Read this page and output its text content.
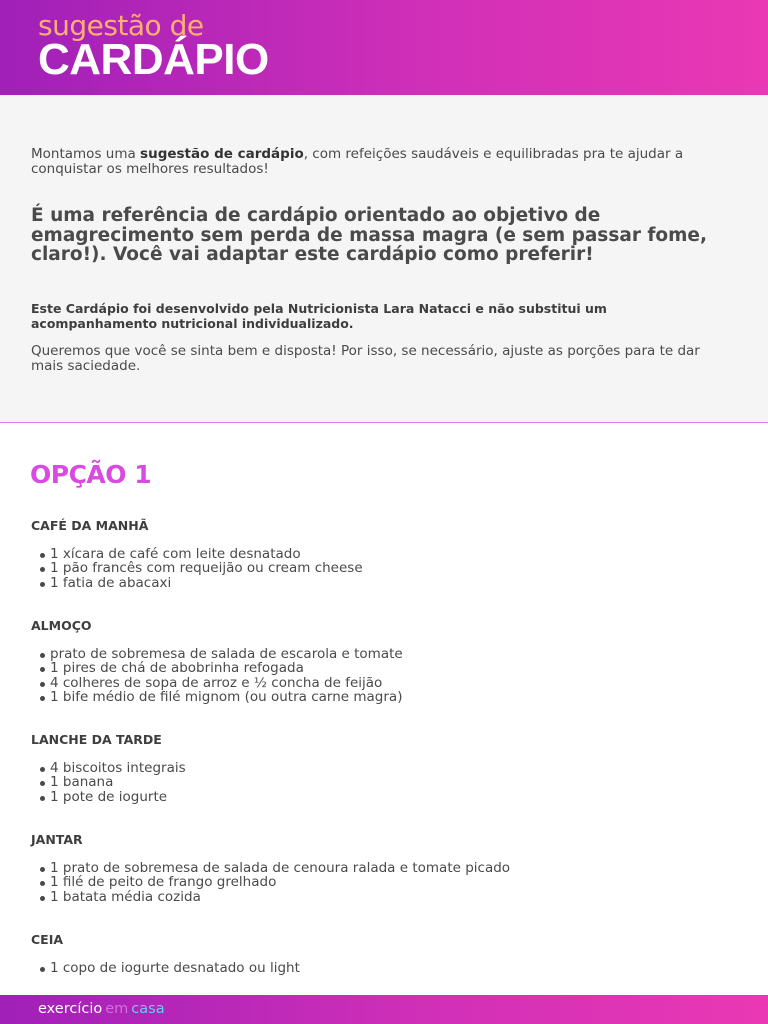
sugestão de
CARDÁPIO

Montamos uma sugestão de cardápio, com refeições saudáveis e equilibradas pra te ajudar a conquistar os melhores resultados!

É uma referência de cardápio orientado ao objetivo de emagrecimento sem perda de massa magra (e sem passar fome, claro!). Você vai adaptar este cardápio como preferir!

Este Cardápio foi desenvolvido pela Nutricionista Lara Natacci e não substitui um acompanhamento nutricional individualizado.

Queremos que você se sinta bem e disposta! Por isso, se necessário, ajuste as porções para te dar mais saciedade.

OPÇÃO 1
CAFÉ DA MANHÃ
1 xícara de café com leite desnatado
1 pão francês com requeijão ou cream cheese
1 fatia de abacaxi
ALMOÇO
prato de sobremesa de salada de escarola e tomate
1 pires de chá de abobrinha refogada
4 colheres de sopa de arroz e ½ concha de feijão
1 bife médio de filé mignom (ou outra carne magra)
LANCHE DA TARDE
4 biscoitos integrais
1 banana
1 pote de iogurte
JANTAR
1 prato de sobremesa de salada de cenoura ralada e tomate picado
1 filé de peito de frango grelhado
1 batata média cozida
CEIA
1 copo de iogurte desnatado ou light
exercício em casa
